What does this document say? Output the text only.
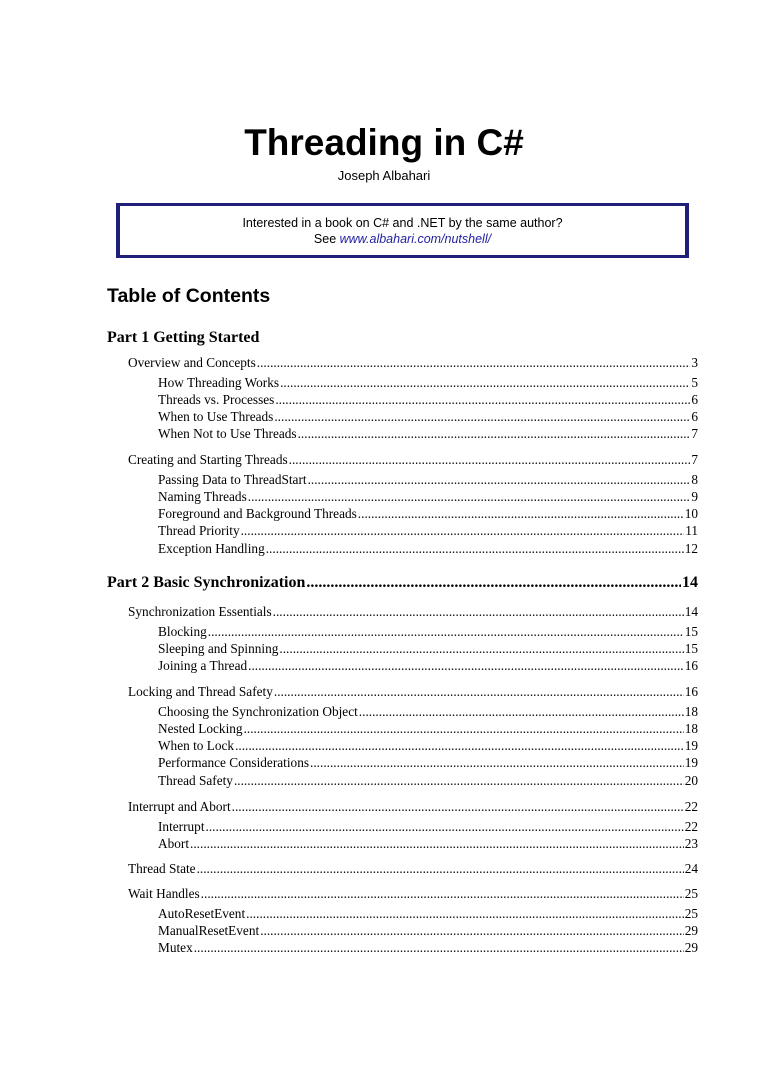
Threading in C#
Joseph Albahari
Interested in a book on C# and .NET by the same author?
See www.albahari.com/nutshell/
Table of Contents
Part 1 Getting Started
Overview and Concepts .....	3
How Threading Works .....	5
Threads vs. Processes .....	6
When to Use Threads .....	6
When Not to Use Threads .....	7
Creating and Starting Threads .....	7
Passing Data to ThreadStart .....	8
Naming Threads .....	9
Foreground and Background Threads .....	10
Thread Priority .....	11
Exception Handling .....	12
Part 2 Basic Synchronization .....	14
Synchronization Essentials .....	14
Blocking .....	15
Sleeping and Spinning .....	15
Joining a Thread .....	16
Locking and Thread Safety .....	16
Choosing the Synchronization Object .....	18
Nested Locking .....	18
When to Lock .....	19
Performance Considerations .....	19
Thread Safety .....	20
Interrupt and Abort .....	22
Interrupt .....	22
Abort .....	23
Thread State .....	24
Wait Handles .....	25
AutoResetEvent .....	25
ManualResetEvent .....	29
Mutex .....	29
